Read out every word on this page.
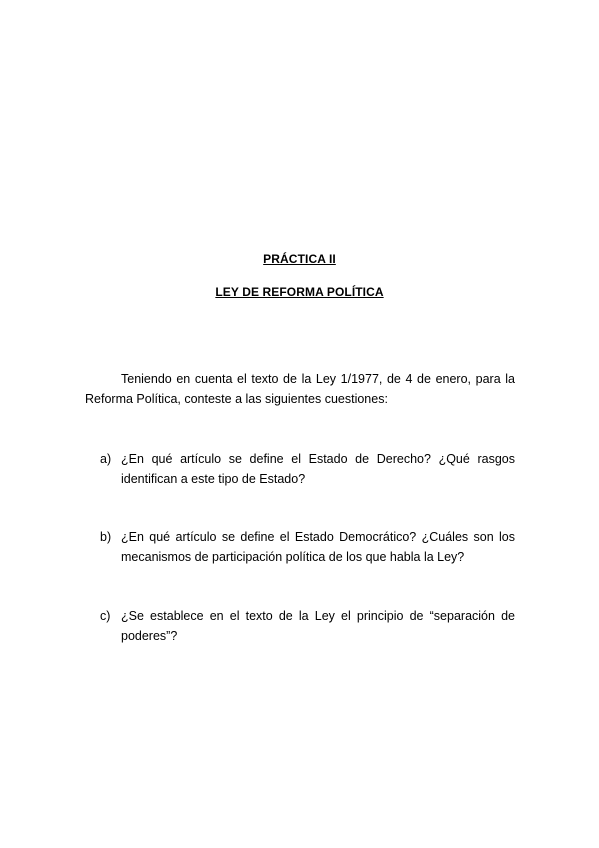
PRÁCTICA II
LEY DE REFORMA POLÍTICA
Teniendo en cuenta el texto de la Ley 1/1977, de 4 de enero, para la Reforma Política, conteste a las siguientes cuestiones:
a) ¿En qué artículo se define el Estado de Derecho? ¿Qué rasgos identifican a este tipo de Estado?
b) ¿En qué artículo se define el Estado Democrático? ¿Cuáles son los mecanismos de participación política de los que habla la Ley?
c) ¿Se establece en el texto de la Ley el principio de “separación de poderes”?
